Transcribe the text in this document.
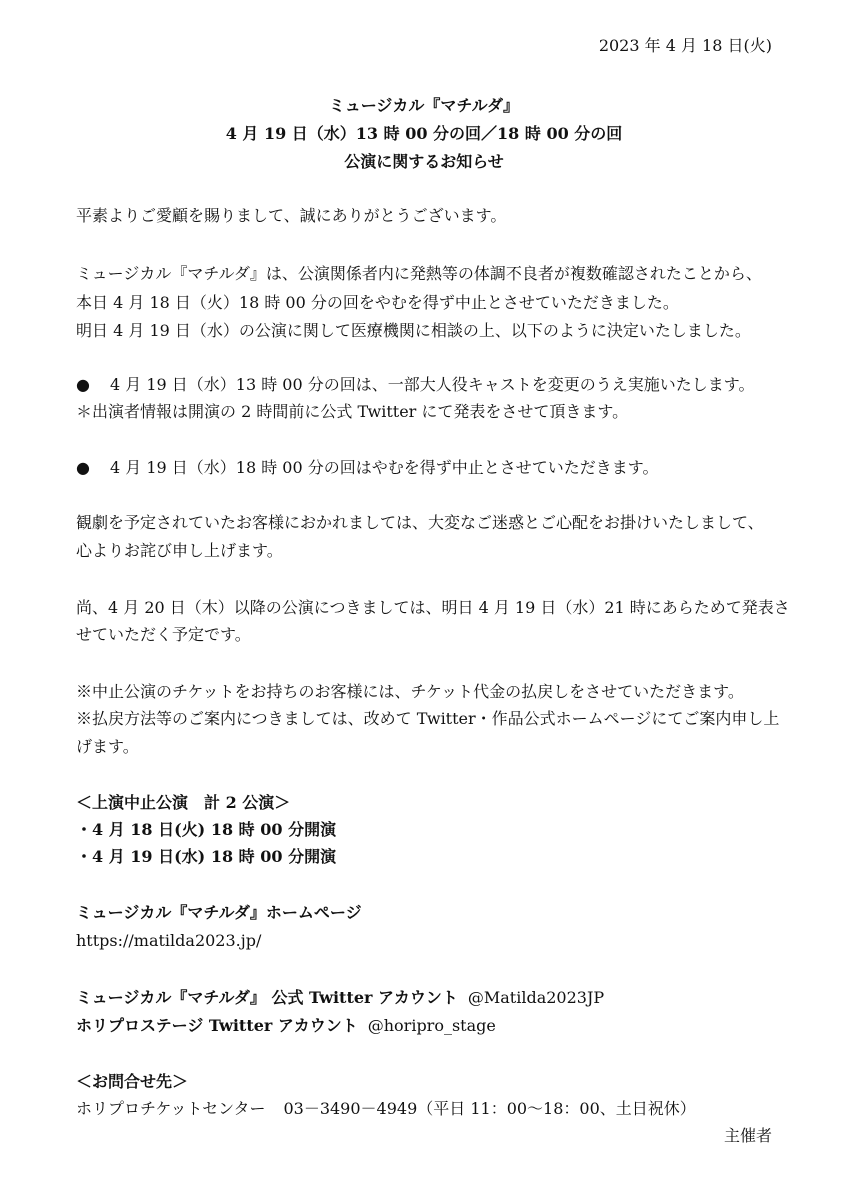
2023 年 4 月 18 日(火)
ミュージカル『マチルダ』
4 月 19 日（水）13 時 00 分の回／18 時 00 分の回
公演に関するお知らせ
平素よりご愛顧を賜りまして、誠にありがとうございます。
ミュージカル『マチルダ』は、公演関係者内に発熱等の体調不良者が複数確認されたことから、
本日 4 月 18 日（火）18 時 00 分の回をやむを得ず中止とさせていただきました。
明日 4 月 19 日（水）の公演に関して医療機関に相談の上、以下のように決定いたしました。
● 4 月 19 日（水）13 時 00 分の回は、一部大人役キャストを変更のうえ実施いたします。
＊出演者情報は開演の 2 時間前に公式 Twitter にて発表をさせて頂きます。
● 4 月 19 日（水）18 時 00 分の回はやむを得ず中止とさせていただきます。
観劇を予定されていたお客様におかれましては、大変なご迷惑とご心配をお掛けいたしまして、
心よりお詫び申し上げます。
尚、4 月 20 日（木）以降の公演につきましては、明日 4 月 19 日（水）21 時にあらためて発表さ
せていただく予定です。
※中止公演のチケットをお持ちのお客様には、チケット代金の払戻しをさせていただきます。
※払戻方法等のご案内につきましては、改めて Twitter・作品公式ホームページにてご案内申し上
げます。
＜上演中止公演　計 2 公演＞
・4 月 18 日(火) 18 時 00 分開演
・4 月 19 日(水) 18 時 00 分開演
ミュージカル『マチルダ』ホームページ
https://matilda2023.jp/
ミュージカル『マチルダ』 公式 Twitter アカウント @Matilda2023JP
ホリプロステージ Twitter アカウント @horipro_stage
＜お問合せ先＞
ホリプロチケットセンター 03－3490－4949（平日 11：00～18：00、土日祝休）
主催者
